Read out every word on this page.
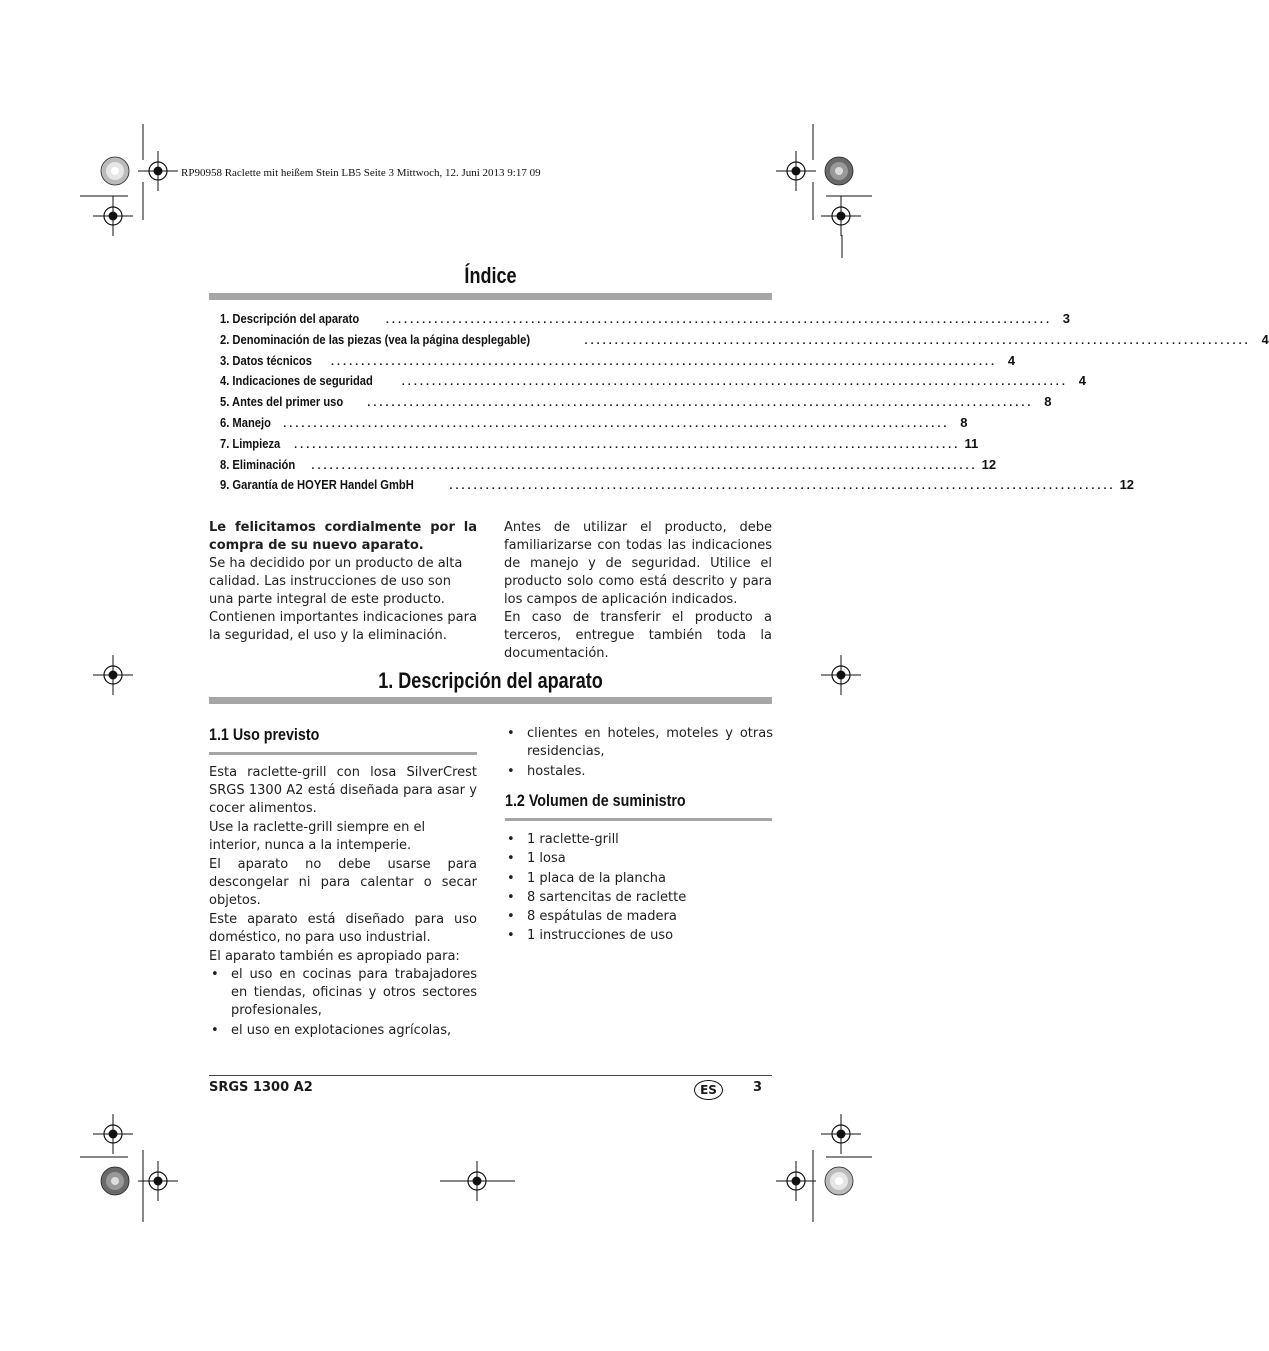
RP90958 Raclette mit heißem Stein LB5 Seite 3 Mittwoch, 12. Juni 2013 9:17 09
Índice
1. Descripción del aparato .............................................................................................................. 3
2. Denominación de las piezas (vea la página desplegable)	.............................................................................................................. 4
3. Datos técnicos .............................................................................................................. 4
4. Indicaciones de seguridad	.............................................................................................................. 4
5. Antes del primer uso .............................................................................................................. 8
6. Manejo .............................................................................................................. 8
7. Limpieza .............................................................................................................. 11
8. Eliminación .............................................................................................................. 12
9. Garantía de HOYER Handel GmbH	.............................................................................................................. 12

Le felicitamos cordialmente por la compra de su nuevo aparato.

Se ha decidido por un producto de alta calidad. Las instrucciones de uso son una parte integral de este producto. Contienen importantes indicaciones para la seguridad, el uso y la eliminación.

Antes de utilizar el producto, debe familiarizarse con todas las indicaciones de manejo y de seguridad. Utilice el producto solo como está descrito y para los campos de aplicación indicados.

En caso de transferir el producto a terceros, entregue también toda la documentación.

1. Descripción del aparato
1.1 Uso previsto

Esta raclette-grill con losa SilverCrest SRGS 1300 A2 está diseñada para asar y cocer alimentos.

Use la raclette-grill siempre en el interior, nunca a la intemperie.

El aparato no debe usarse para descongelar ni para calentar o secar objetos.

Este aparato está diseñado para uso doméstico, no para uso industrial.

El aparato también es apropiado para:

• el uso en cocinas para trabajadores en tiendas, oficinas y otros sectores profesionales,
• el uso en explotaciones agrícolas,
• clientes en hoteles, moteles y otras residencias,
• hostales.
1.2 Volumen de suministro
• 1 raclette-grill
• 1 losa
• 1 placa de la plancha
• 8 sartencitas de raclette
• 8 espátulas de madera
• 1 instrucciones de uso
SRGS 1300 A2	ES	3
